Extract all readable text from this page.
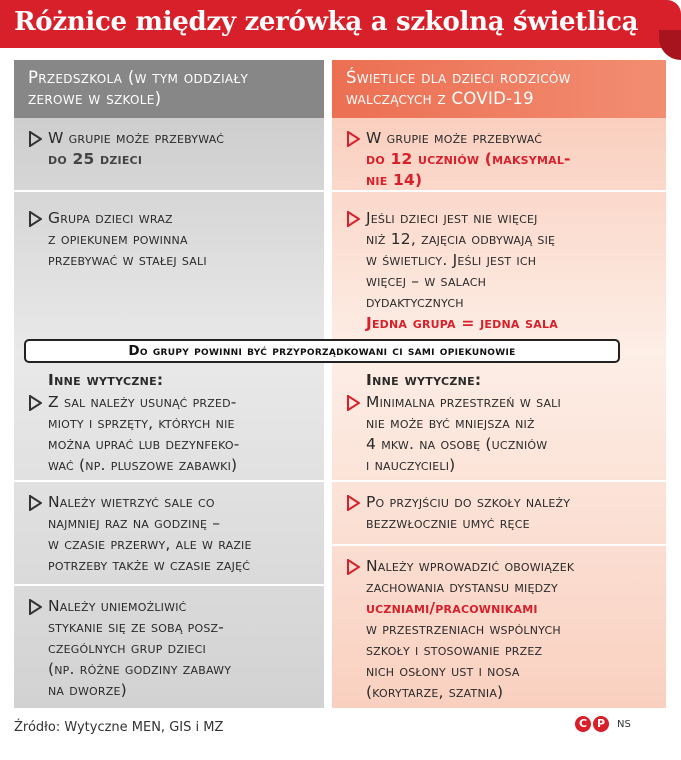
Różnice między zerówką a szkolną świetlicą
Przedszkola (w tym oddziały
zerowe w szkole)

W grupie może przebywać

do 25 dzieci

Grupa dzieci wraz
z opiekunem powinna
przebywać w stałej sali

Inne wytyczne:

Z sal należy usunąć przed-
mioty i sprzęty, których nie
można uprać lub dezynfeko-
wać (np. pluszowe zabawki)

Należy wietrzyć sale co
najmniej raz na godzinę –
w czasie przerwy, ale w razie
potrzeby także w czasie zajęć

Należy uniemożliwić
stykanie się ze sobą posz-
czególnych grup dzieci
(np. różne godziny zabawy
na dworze)

Świetlice dla dzieci rodziców
walczących z COVID-19

W grupie może przebywać

do 12 uczniów (maksymal-
nie 14)

Jeśli dzieci jest nie więcej
niż 12, zajęcia odbywają się
w świetlicy. Jeśli jest ich
więcej – w salach
dydaktycznych

Jedna grupa = jedna sala

Inne wytyczne:

Minimalna przestrzeń w sali
nie może być mniejsza niż
4 mkw. na osobę (uczniów
i nauczycieli)

Po przyjściu do szkoły należy
bezzwłocznie umyć ręce

Należy wprowadzić obowiązek
zachowania dystansu między

uczniami/pracownikami

w przestrzeniach wspólnych
szkoły i stosowanie przez
nich osłony ust i nosa
(korytarze, szatnia)

Do grupy powinni być przyporządkowani ci sami opiekunowie
Źródło: Wytyczne MEN, GIS i MZ	C P	NS
